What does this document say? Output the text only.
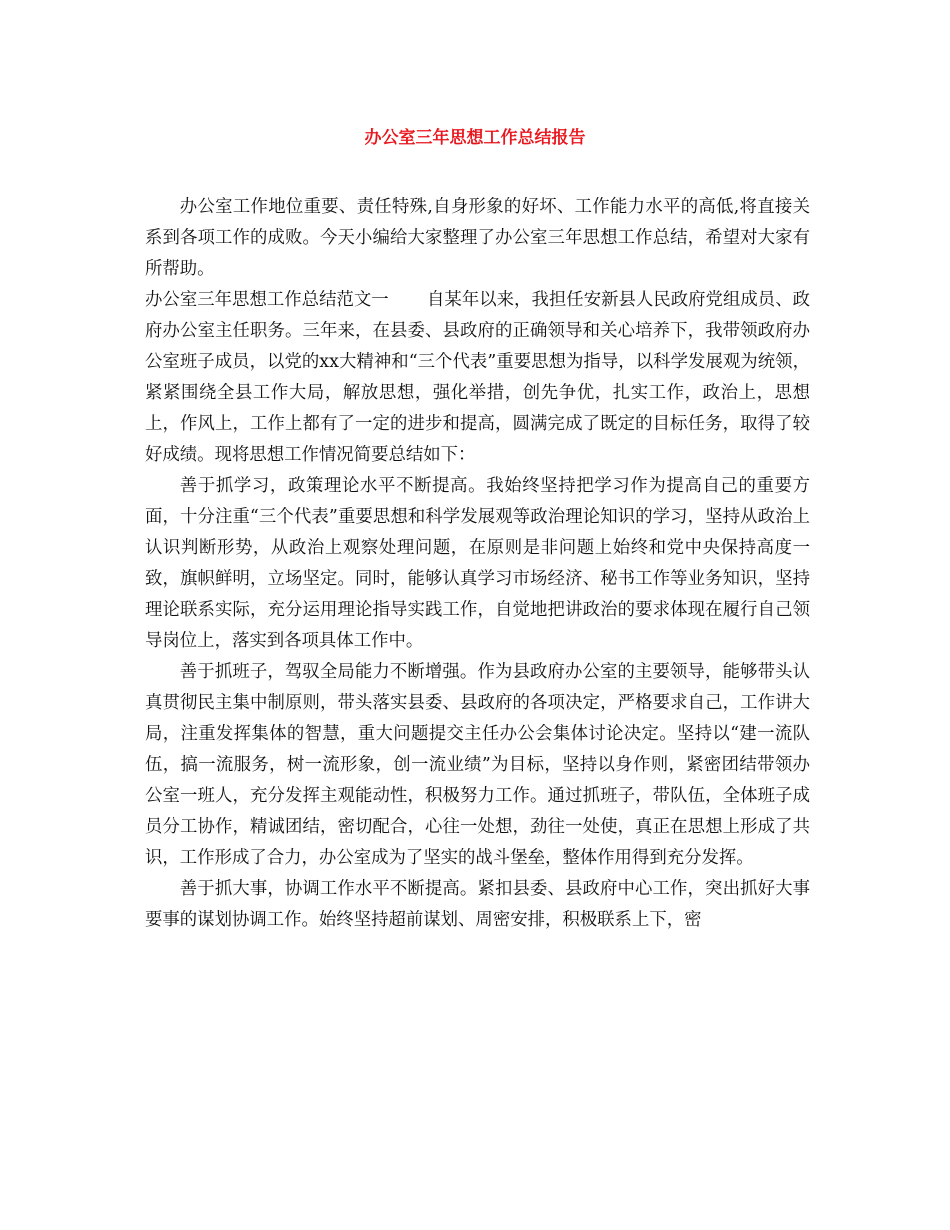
办公室三年思想工作总结报告

办公室工作地位重要、责任特殊,自身形象的好坏、工作能力水平的高低,将直接关系到各项工作的成败。今天小编给大家整理了办公室三年思想工作总结，希望对大家有所帮助。

办公室三年思想工作总结范文一 自某年以来，我担任安新县人民政府党组成员、政府办公室主任职务。三年来，在县委、县政府的正确领导和关心培养下，我带领政府办公室班子成员，以党的xx大精神和“三个代表”重要思想为指导，以科学发展观为统领，紧紧围绕全县工作大局，解放思想，强化举措，创先争优，扎实工作，政治上，思想上，作风上，工作上都有了一定的进步和提高，圆满完成了既定的目标任务，取得了较好成绩。现将思想工作情况简要总结如下：

善于抓学习，政策理论水平不断提高。我始终坚持把学习作为提高自己的重要方面，十分注重“三个代表”重要思想和科学发展观等政治理论知识的学习，坚持从政治上认识判断形势，从政治上观察处理问题，在原则是非问题上始终和党中央保持高度一致，旗帜鲜明，立场坚定。同时，能够认真学习市场经济、秘书工作等业务知识，坚持理论联系实际，充分运用理论指导实践工作，自觉地把讲政治的要求体现在履行自己领导岗位上，落实到各项具体工作中。

善于抓班子，驾驭全局能力不断增强。作为县政府办公室的主要领导，能够带头认真贯彻民主集中制原则，带头落实县委、县政府的各项决定，严格要求自己，工作讲大局，注重发挥集体的智慧，重大问题提交主任办公会集体讨论决定。坚持以“建一流队伍，搞一流服务，树一流形象，创一流业绩”为目标，坚持以身作则，紧密团结带领办公室一班人，充分发挥主观能动性，积极努力工作。通过抓班子，带队伍，全体班子成员分工协作，精诚团结，密切配合，心往一处想，劲往一处使，真正在思想上形成了共识，工作形成了合力，办公室成为了坚实的战斗堡垒，整体作用得到充分发挥。

善于抓大事，协调工作水平不断提高。紧扣县委、县政府中心工作，突出抓好大事要事的谋划协调工作。始终坚持超前谋划、周密安排，积极联系上下，密
